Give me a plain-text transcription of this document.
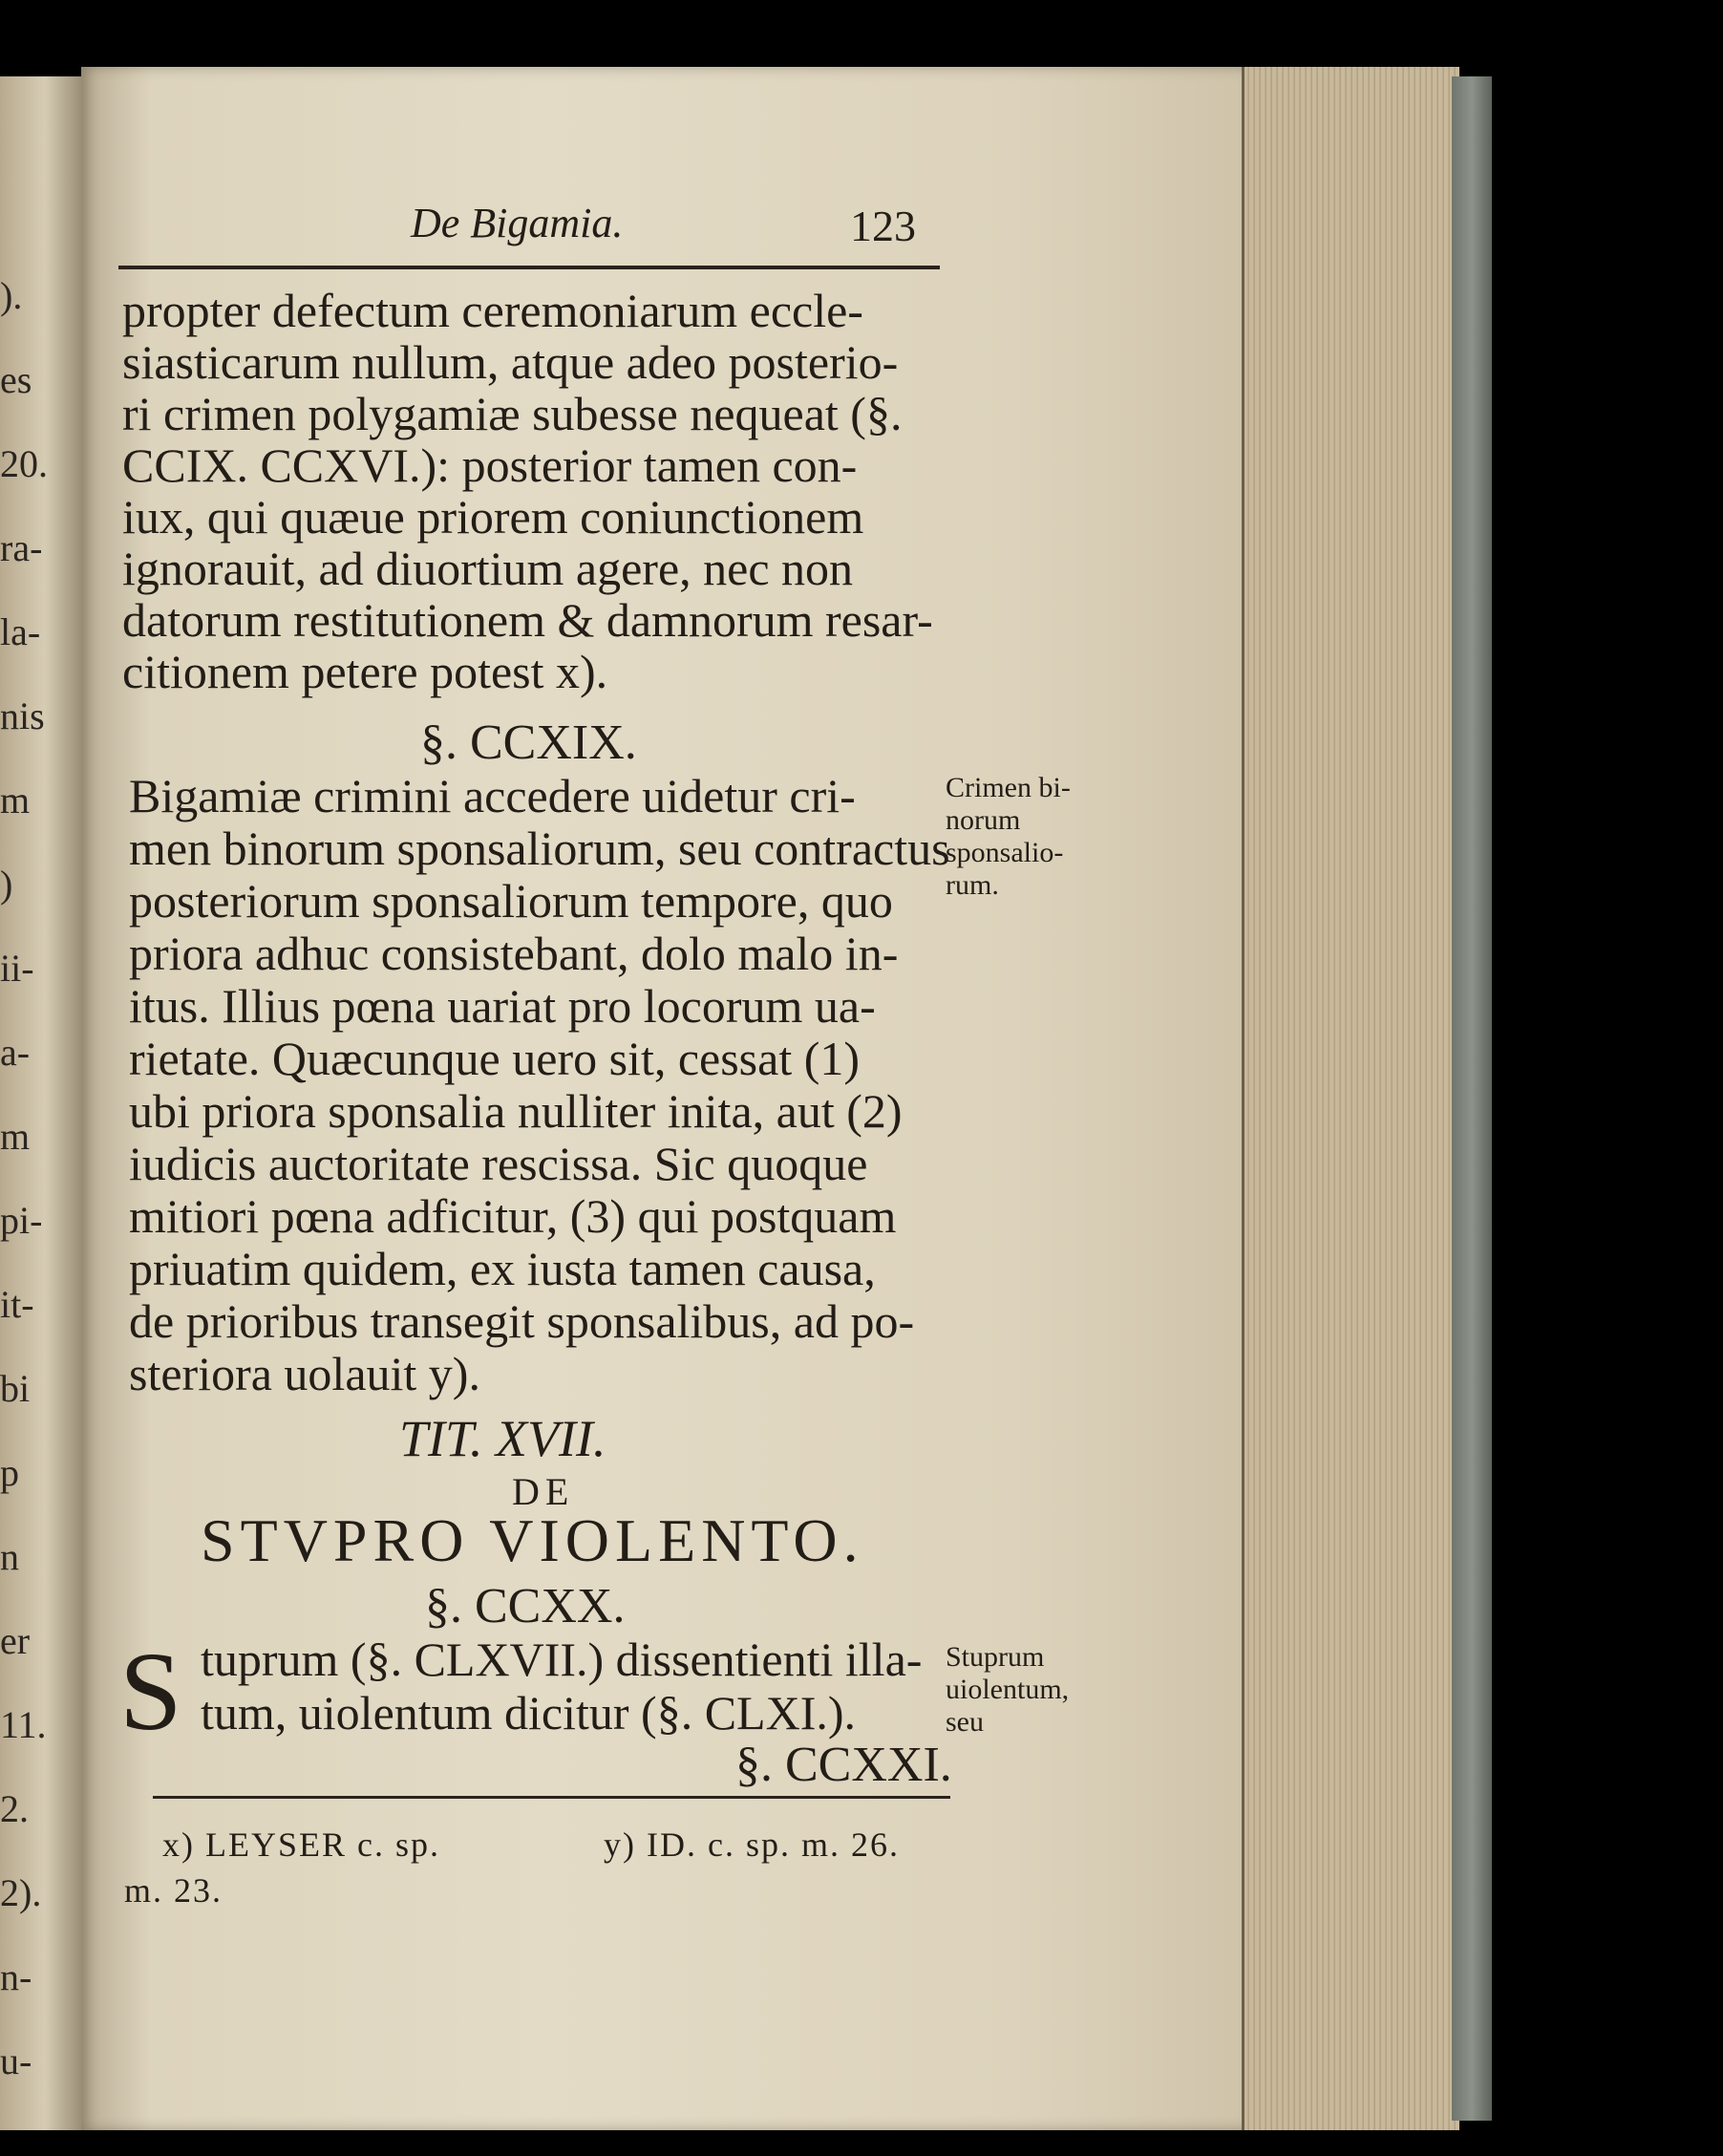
).
es
20.
ra-
la-
nis
m
)
ii-
a-
m
pi-
it-
bi
p
n
er
11.
2.
2).
n-
u-
De Bigamia.	123
propter defectum ceremoniarum eccle-
siasticarum nullum, atque adeo posterio-
ri crimen polygamiæ subesse nequeat (§.
CCIX. CCXVI.): posterior tamen con-
iux, qui quæue priorem coniunctionem
ignorauit, ad diuortium agere, nec non
datorum restitutionem & damnorum resar-
citionem petere potest x).
§. CCXIX.
Bigamiæ crimini accedere uidetur cri-
men binorum sponsaliorum, seu contractus
posteriorum sponsaliorum tempore, quo
priora adhuc consistebant, dolo malo in-
itus. Illius pœna uariat pro locorum ua-
rietate. Quæcunque uero sit, cessat (1)
ubi priora sponsalia nulliter inita, aut (2)
iudicis auctoritate rescissa. Sic quoque
mitiori pœna adficitur, (3) qui postquam
priuatim quidem, ex iusta tamen causa,
de prioribus transegit sponsalibus, ad po-
steriora uolauit y).
Crimen bi-
norum
sponsalio-
rum.
TIT. XVII.
DE
STVPRO VIOLENTO.
§. CCXX.
S tuprum (§. CLXVII.) dissentienti illa-
tum, uiolentum dicitur (§. CLXI.).
Stuprum
uiolentum,
seu
§. CCXXI.
x) LEYSER c. sp.	y) ID. c. sp. m. 26.
m. 23.
